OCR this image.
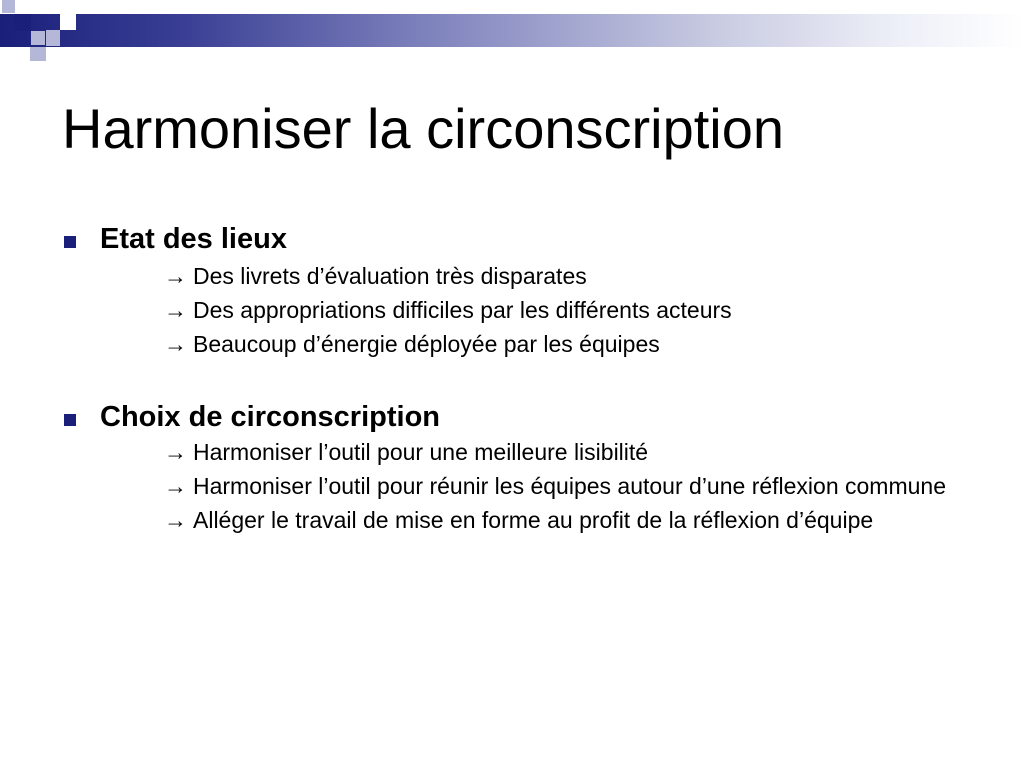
Harmoniser la circonscription
Etat des lieux
→ Des livrets d’évaluation très disparates
→ Des appropriations difficiles par les différents acteurs
→ Beaucoup d’énergie déployée par les équipes
Choix de circonscription
→ Harmoniser l’outil pour une meilleure lisibilité
→ Harmoniser l’outil pour réunir les équipes autour d’une réflexion commune
→ Alléger le travail de mise en forme au profit de la réflexion d’équipe
